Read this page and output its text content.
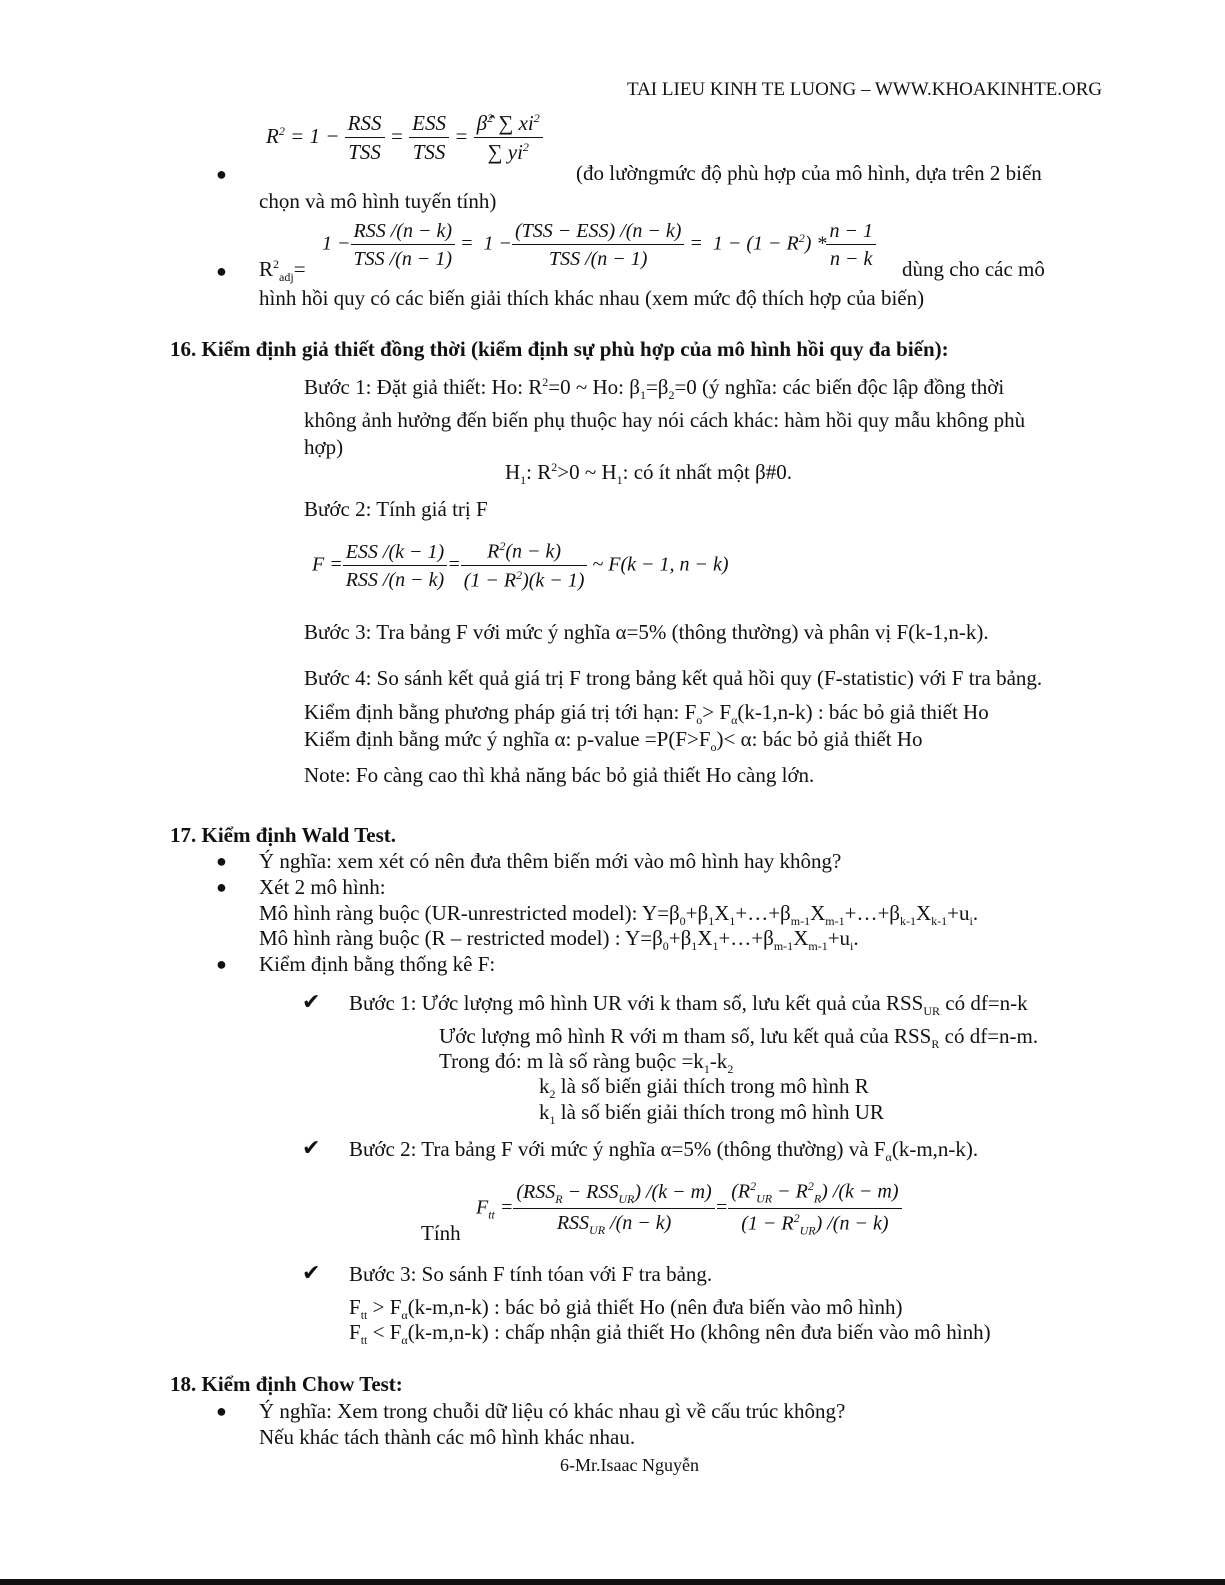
TAI LIEU KINH TE LUONG – WWW.KHOAKINHTE.ORG
●
$R^2 = 1 - \frac{\text{RSS}}{\text{TSS}} = \frac{\text{ESS}}{\text{TSS}} = \frac{\betâ^2 \sum xi^2}{\sum yi^2}$
(đo lườngmức độ phù hợp của mô hình, dựa trên 2 biến
chọn và mô hình tuyến tính)
● $R^2_{adj}=$
$1 - \frac{\text{RSS /(n − k)}}{\text{TSS /(n − 1)}} = 1 - \frac{\text{(TSS − ESS) /(n − k)}}{\text{TSS /(n − 1)}} = 1 - (1 - R^2) * \frac{n - 1}{n - k}$ dùng cho các mô
hình hồi quy có các biến giải thích khác nhau (xem mức độ thích hợp của biến)
16. Kiểm định giả thiết đồng thời (kiểm định sự phù hợp của mô hình hồi quy đa biến):
Bước 1: Đặt giả thiết: Ho: $R^2=0$ ~ Ho: $\beta_1=\beta_2=0$ (ý nghĩa: các biến độc lập đồng thời
không ảnh hưởng đến biến phụ thuộc hay nói cách khác: hàm hồi quy mẫu không phù
hợp)
$H_1$: $R^2>0$ ~ $H_1$: có ít nhất một β#0.
Bước 2: Tính giá trị F
$F = \frac{\text{ESS /(k − 1)}}{\text{RSS /(n − k)}} = \frac{R^2(n - k)}{(1 - R^2)(k - 1)}$ ~ F(k − 1, n − k)
Bước 3: Tra bảng F với mức ý nghĩa α=5% (thông thường) và phân vị F(k-1,n-k).
Bước 4: So sánh kết quả giá trị F trong bảng kết quả hồi quy (F-statistic) với F tra bảng.
Kiểm định bằng phương pháp giá trị tới hạn: $F_o> F_\alpha(k-1,n-k)$ : bác bỏ giả thiết Ho
Kiểm định bằng mức ý nghĩa α: p-value $=P(F>F_o)< \alpha$: bác bỏ giả thiết Ho
Note: Fo càng cao thì khả năng bác bỏ giả thiết Ho càng lớn.
17. Kiểm định Wald Test.
● Ý nghĩa: xem xét có nên đưa thêm biến mới vào mô hình hay không?
● Xét 2 mô hình:
Mô hình ràng buộc (UR-unrestricted model): $Y=\beta_0+\beta_1X_1+\dots+\beta_{m-1}X_{m-1}+\dots+\beta_{k-1}X_{k-1}+u_i$.
Mô hình ràng buộc (R – restricted model) : $Y=\beta_0+\beta_1X_1+\dots+\beta_{m-1}X_{m-1}+u_i$.
● Kiểm định bằng thống kê F:
✔ Bước 1: Ước lượng mô hình UR với k tham số, lưu kết quả của $RSS_{UR}$ có df=n-k
Ước lượng mô hình R với m tham số, lưu kết quả của $RSS_R$ có df=n-m.
Trong đó: m là số ràng buộc $=k_1-k_2$
$k_2$ là số biến giải thích trong mô hình R
$k_1$ là số biến giải thích trong mô hình UR
✔ Bước 2: Tra bảng F với mức ý nghĩa α=5% (thông thường) và $F_\alpha(k-m,n-k)$.
Tính
$F_{tt} = \frac{(RSS_R - RSS_{UR}) /(k - m)}{RSS_{UR} /(n - k)} = \frac{(R^2_{UR} - R^2_R) /(k - m)}{(1 - R^2_{UR}) /(n - k)}$
✔ Bước 3: So sánh F tính tóan với F tra bảng.
$F_{tt} > F_\alpha(k-m,n-k)$ : bác bỏ giả thiết Ho (nên đưa biến vào mô hình)
$F_{tt} < F_\alpha(k-m,n-k)$ : chấp nhận giả thiết Ho (không nên đưa biến vào mô hình)
18. Kiểm định Chow Test:
● Ý nghĩa: Xem trong chuỗi dữ liệu có khác nhau gì về cấu trúc không?
Nếu khác tách thành các mô hình khác nhau.
6-Mr.Isaac Nguyễn
